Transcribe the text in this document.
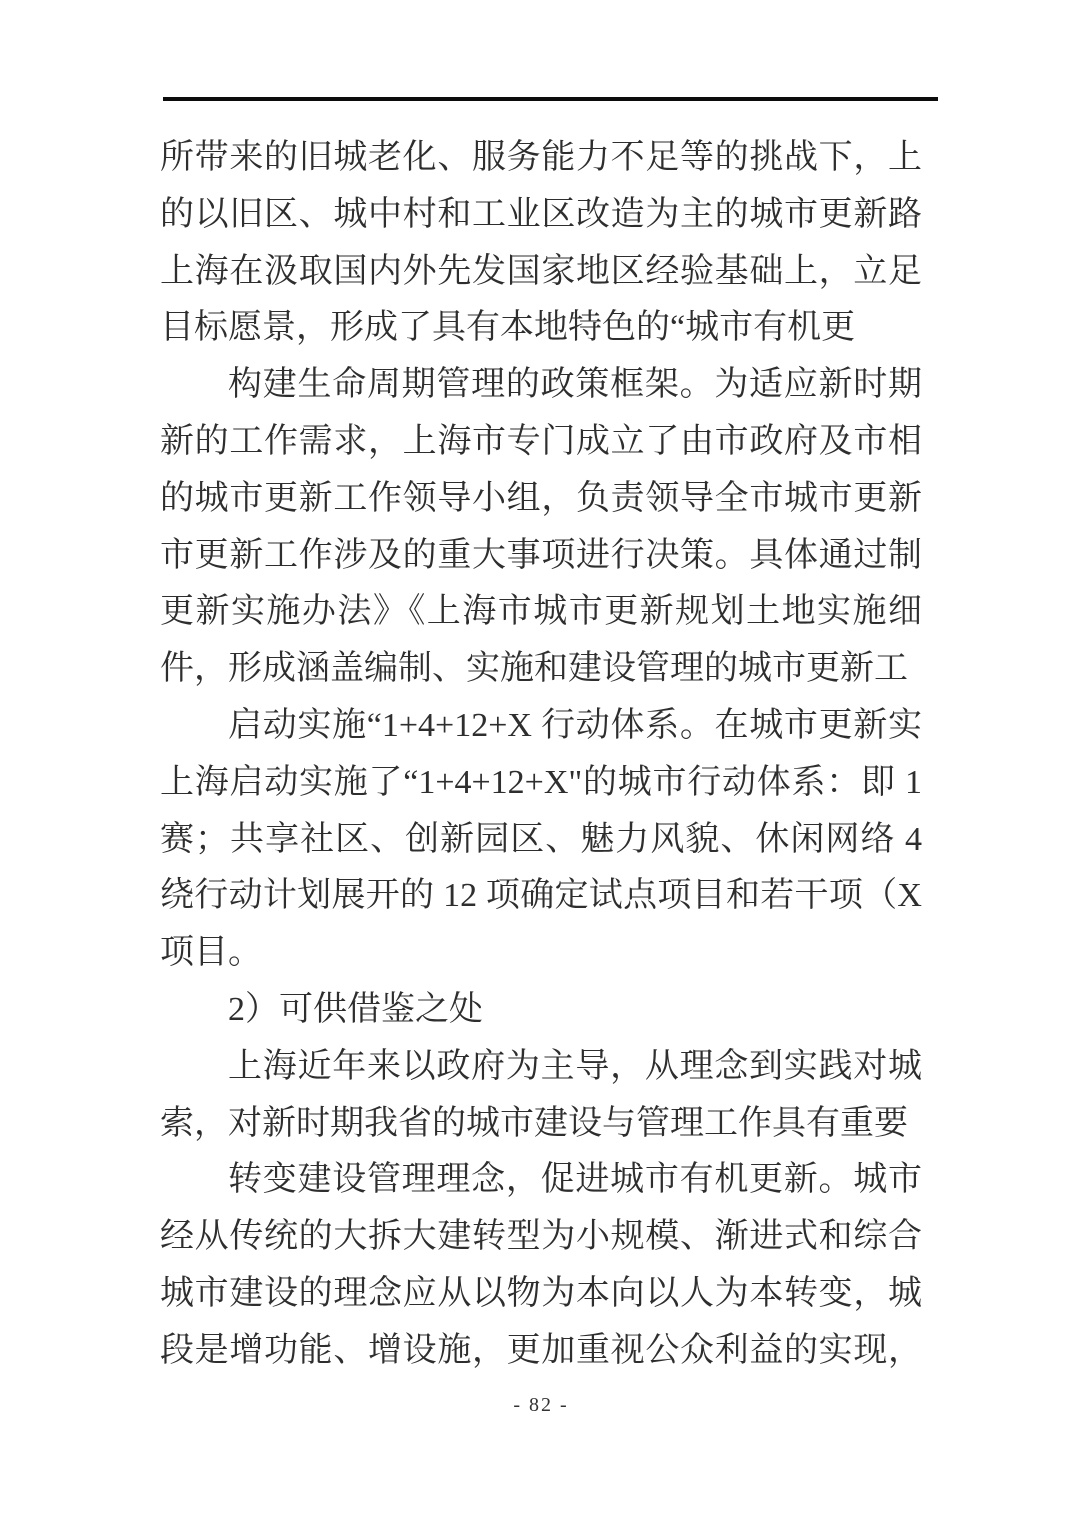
所带来的旧城老化、服务能力不足等的挑战下，上
的以旧区、城中村和工业区改造为主的城市更新路
上海在汲取国内外先发国家地区经验基础上，立足
目标愿景，形成了具有本地特色的“城市有机更
构建生命周期管理的政策框架。为适应新时期
新的工作需求，上海市专门成立了由市政府及市相
的城市更新工作领导小组，负责领导全市城市更新
市更新工作涉及的重大事项进行决策。具体通过制
更新实施办法》《上海市城市更新规划土地实施细
件，形成涵盖编制、实施和建设管理的城市更新工
启动实施“1+4+12+X 行动体系。在城市更新实
上海启动实施了“1+4+12+X"的城市行动体系：即 1
赛；共享社区、创新园区、魅力风貌、休闲网络 4
绕行动计划展开的 12 项确定试点项目和若干项（X
项目。
2）可供借鉴之处
上海近年来以政府为主导，从理念到实践对城
索，对新时期我省的城市建设与管理工作具有重要
转变建设管理理念，促进城市有机更新。城市
经从传统的大拆大建转型为小规模、渐进式和综合
城市建设的理念应从以物为本向以人为本转变，城
段是增功能、增设施，更加重视公众利益的实现，
- 82 -
